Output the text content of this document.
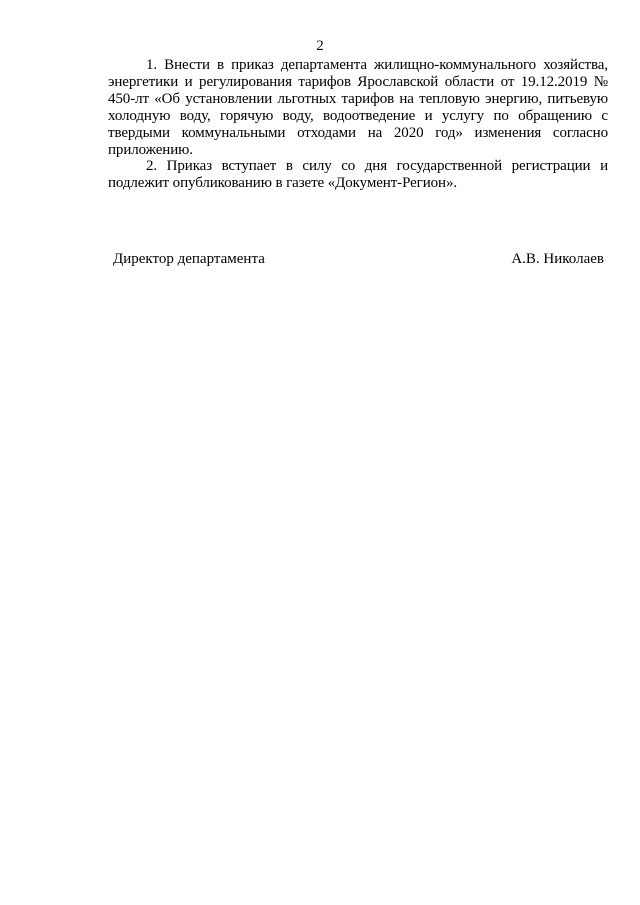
2

1. Внести в приказ департамента жилищно-коммунального хозяйства, энергетики и регулирования тарифов Ярославской области от 19.12.2019 № 450-лт «Об установлении льготных тарифов на тепловую энергию, питьевую холодную воду, горячую воду, водоотведение и услугу по обращению с твердыми коммунальными отходами на 2020 год» изменения согласно приложению.

2. Приказ вступает в силу со дня государственной регистрации и подлежит опубликованию в газете «Документ-Регион».

Директор департамента	А.В. Николаев
